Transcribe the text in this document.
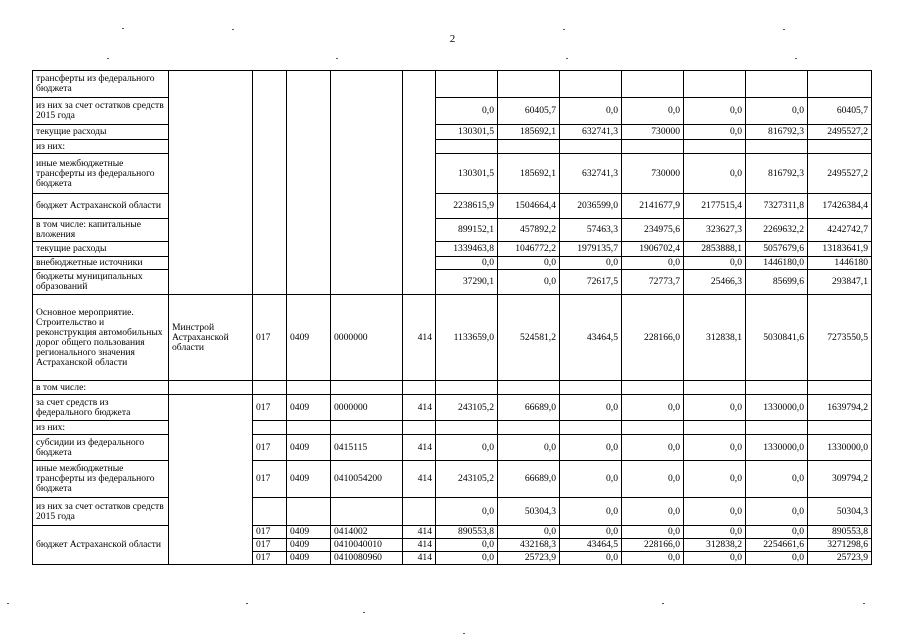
2
трансферты из федерального бюджета												
из них за счет остатков средств 2015 года						0,0	60405,7	0,0	0,0	0,0	0,0	60405,7
текущие расходы						130301,5	185692,1	632741,3	730000	0,0	816792,3	2495527,2
из них:												
иные межбюджетные трансферты из федерального бюджета						130301,5	185692,1	632741,3	730000	0,0	816792,3	2495527,2
бюджет Астраханской области						2238615,9	1504664,4	2036599,0	2141677,9	2177515,4	7327311,8	17426384,4
в том числе: капитальные вложения						899152,1	457892,2	57463,3	234975,6	323627,3	2269632,2	4242742,7
текущие расходы						1339463,8	1046772,2	1979135,7	1906702,4	2853888,1	5057679,6	13183641,9
внебюджетные источники						0,0	0,0	0,0	0,0	0,0	1446180,0	1446180
бюджеты муниципальных образований						37290,1	0,0	72617,5	72773,7	25466,3	85699,6	293847,1
Основное мероприятие. Строительство и реконструкция автомобильных дорог общего пользования регионального значения Астраханской области	Минстрой Астраханской области	017	0409	0000000	414	1133659,0	524581,2	43464,5	228166,0	312838,1	5030841,6	7273550,5
в том числе:												
за счет средств из федерального бюджета		017	0409	0000000	414	243105,2	66689,0	0,0	0,0	0,0	1330000,0	1639794,2
из них:												
субсидии из федерального бюджета		017	0409	0415115	414	0,0	0,0	0,0	0,0	0,0	1330000,0	1330000,0
иные межбюджетные трансферты из федерального бюджета		017	0409	0410054200	414	243105,2	66689,0	0,0	0,0	0,0	0,0	309794,2
из них за счет остатков средств 2015 года						0,0	50304,3	0,0	0,0	0,0	0,0	50304,3
бюджет Астраханской области		017	0409	0414002	414	890553,8	0,0	0,0	0,0	0,0	0,0	890553,8
		017	0409	0410040010	414	0,0	432168,3	43464,5	228166,0	312838,2	2254661,6	3271298,6
		017	0409	0410080960	414	0,0	25723,9	0,0	0,0	0,0	0,0	25723,9
